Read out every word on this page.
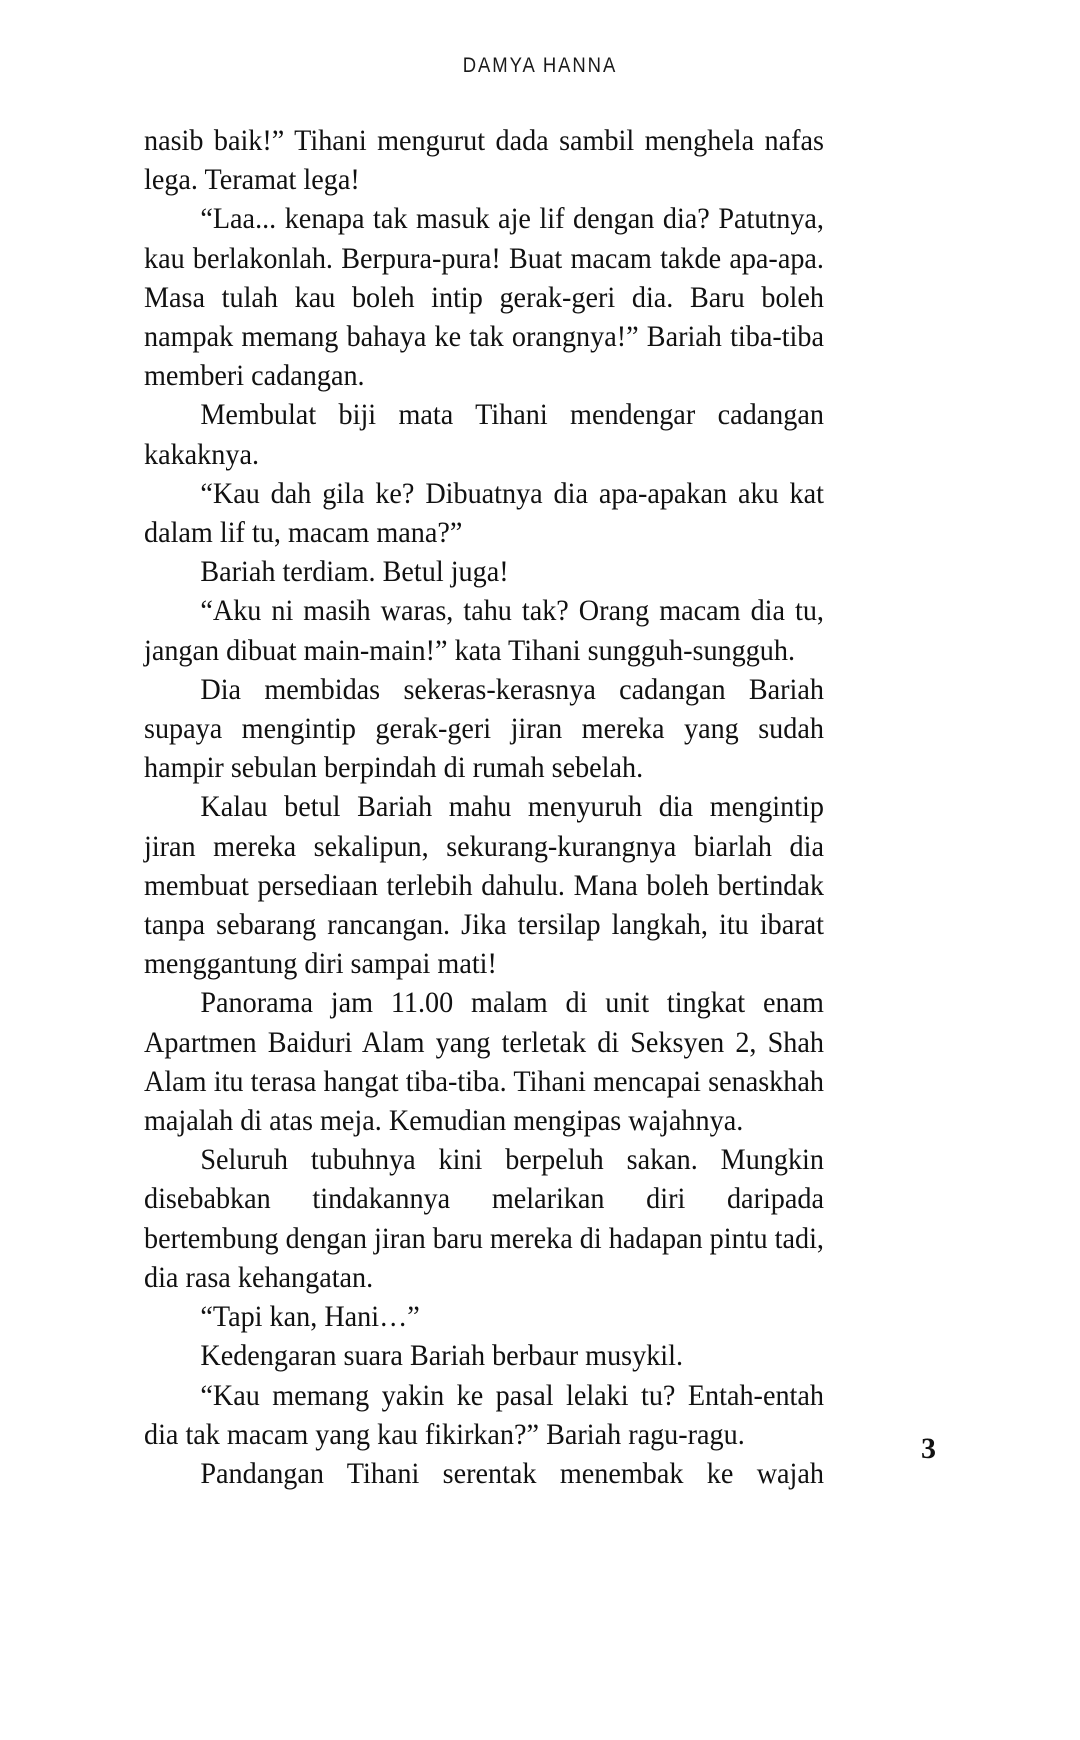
DAMYA HANNA

nasib baik!” Tihani mengurut dada sambil menghela nafas lega. Teramat lega!

“Laa... kenapa tak masuk aje lif dengan dia? Patutnya, kau berlakonlah. Berpura-pura! Buat macam takde apa-apa. Masa tulah kau boleh intip gerak-geri dia. Baru boleh nampak memang bahaya ke tak orangnya!” Bariah tiba-tiba memberi cadangan.

Membulat biji mata Tihani mendengar cadangan kakaknya.

“Kau dah gila ke? Dibuatnya dia apa-apakan aku kat dalam lif tu, macam mana?”

Bariah terdiam. Betul juga!

“Aku ni masih waras, tahu tak? Orang macam dia tu, jangan dibuat main-main!” kata Tihani sungguh-sungguh.

Dia membidas sekeras-kerasnya cadangan Bariah supaya mengintip gerak-geri jiran mereka yang sudah hampir sebulan berpindah di rumah sebelah.

Kalau betul Bariah mahu menyuruh dia mengintip jiran mereka sekalipun, sekurang-kurangnya biarlah dia membuat persediaan terlebih dahulu. Mana boleh bertindak tanpa sebarang rancangan. Jika tersilap langkah, itu ibarat menggantung diri sampai mati!

Panorama jam 11.00 malam di unit tingkat enam Apartmen Baiduri Alam yang terletak di Seksyen 2, Shah Alam itu terasa hangat tiba-tiba. Tihani mencapai senaskhah majalah di atas meja. Kemudian mengipas wajahnya.

Seluruh tubuhnya kini berpeluh sakan. Mungkin disebabkan tindakannya melarikan diri daripada bertembung dengan jiran baru mereka di hadapan pintu tadi, dia rasa kehangatan.

“Tapi kan, Hani…”

Kedengaran suara Bariah berbaur musykil.

“Kau memang yakin ke pasal lelaki tu? Entah-entah dia tak macam yang kau fikirkan?” Bariah ragu-ragu.

Pandangan Tihani serentak menembak ke wajah

3
